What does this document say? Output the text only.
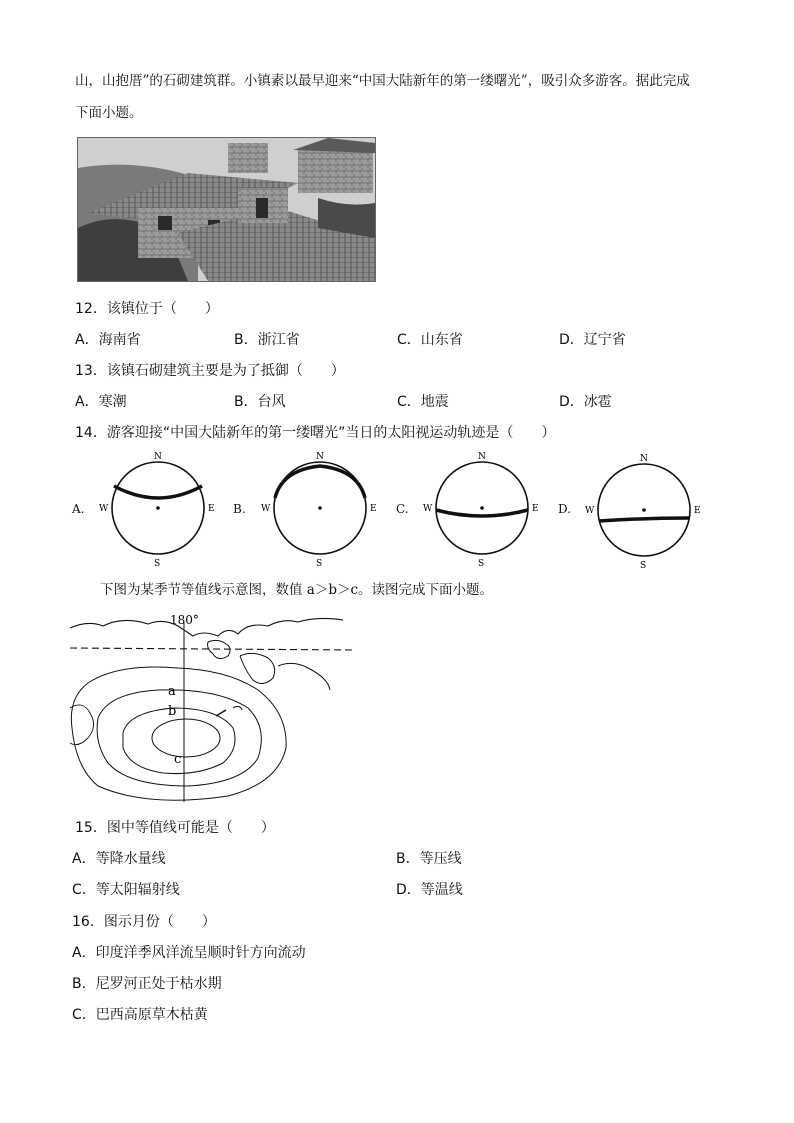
山，山抱厝”的石砌建筑群。小镇素以最早迎来“中国大陆新年的第一缕曙光”，吸引众多游客。据此完成
下面小题。
12．该镇位于（　　）
A．海南省	B．浙江省	C．山东省	D．辽宁省
13．该镇石砌建筑主要是为了抵御（　　）
A．寒潮	B．台风	C．地震	D．冰雹
14．游客迎接“中国大陆新年的第一缕曙光”当日的太阳视运动轨迹是（　　）
A.	B.	C.	D.
N
S
W	E
N
S
W	E
N
S
W	E
N
S
W	E
下图为某季节等值线示意图，数值 a＞b＞c。读图完成下面小题。
180°
a
b
c
15．图中等值线可能是（　　）
A．等降水量线	B．等压线
C．等太阳辐射线	D．等温线
16．图示月份（　　）
A．印度洋季风洋流呈顺时针方向流动
B．尼罗河正处于枯水期
C．巴西高原草木枯黄
